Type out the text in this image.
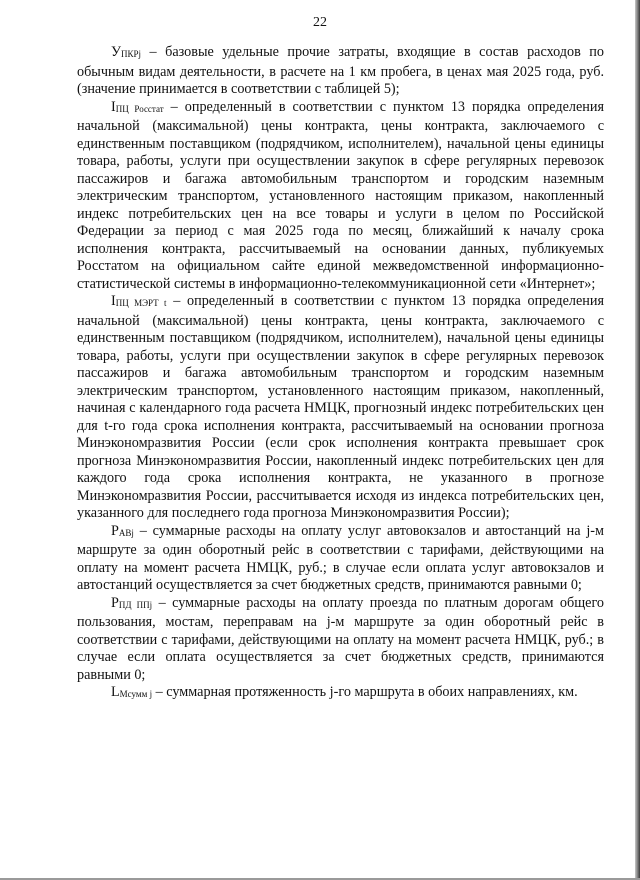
22

УПКРj – базовые удельные прочие затраты, входящие в состав расходов по обычным видам деятельности, в расчете на 1 км пробега, в ценах мая 2025 года, руб. (значение принимается в соответствии с таблицей 5);

IПЦ Росстат – определенный в соответствии с пунктом 13 порядка определения начальной (максимальной) цены контракта, цены контракта, заключаемого с единственным поставщиком (подрядчиком, исполнителем), начальной цены единицы товара, работы, услуги при осуществлении закупок в сфере регулярных перевозок пассажиров и багажа автомобильным транспортом и городским наземным электрическим транспортом, установленного настоящим приказом, накопленный индекс потребительских цен на все товары и услуги в целом по Российской Федерации за период с мая 2025 года по месяц, ближайший к началу срока исполнения контракта, рассчитываемый на основании данных, публикуемых Росстатом на официальном сайте единой межведомственной информационно-статистической системы в информационно-телекоммуникационной сети «Интернет»;

IПЦ МЭРТ t – определенный в соответствии с пунктом 13 порядка определения начальной (максимальной) цены контракта, цены контракта, заключаемого с единственным поставщиком (подрядчиком, исполнителем), начальной цены единицы товара, работы, услуги при осуществлении закупок в сфере регулярных перевозок пассажиров и багажа автомобильным транспортом и городским наземным электрическим транспортом, установленного настоящим приказом, накопленный, начиная с календарного года расчета НМЦК, прогнозный индекс потребительских цен для t-го года срока исполнения контракта, рассчитываемый на основании прогноза Минэкономразвития России (если срок исполнения контракта превышает срок прогноза Минэкономразвития России, накопленный индекс потребительских цен для каждого года срока исполнения контракта, не указанного в прогнозе Минэкономразвития России, рассчитывается исходя из индекса потребительских цен, указанного для последнего года прогноза Минэкономразвития России);

РАВj – суммарные расходы на оплату услуг автовокзалов и автостанций на j-м маршруте за один оборотный рейс в соответствии с тарифами, действующими на оплату на момент расчета НМЦК, руб.; в случае если оплата услуг автовокзалов и автостанций осуществляется за счет бюджетных средств, принимаются равными 0;

РПД ППj – суммарные расходы на оплату проезда по платным дорогам общего пользования, мостам, переправам на j-м маршруте за один оборотный рейс в соответствии с тарифами, действующими на оплату на момент расчета НМЦК, руб.; в случае если оплата осуществляется за счет бюджетных средств, принимаются равными 0;

LМсумм j – суммарная протяженность j-го маршрута в обоих направлениях, км.
